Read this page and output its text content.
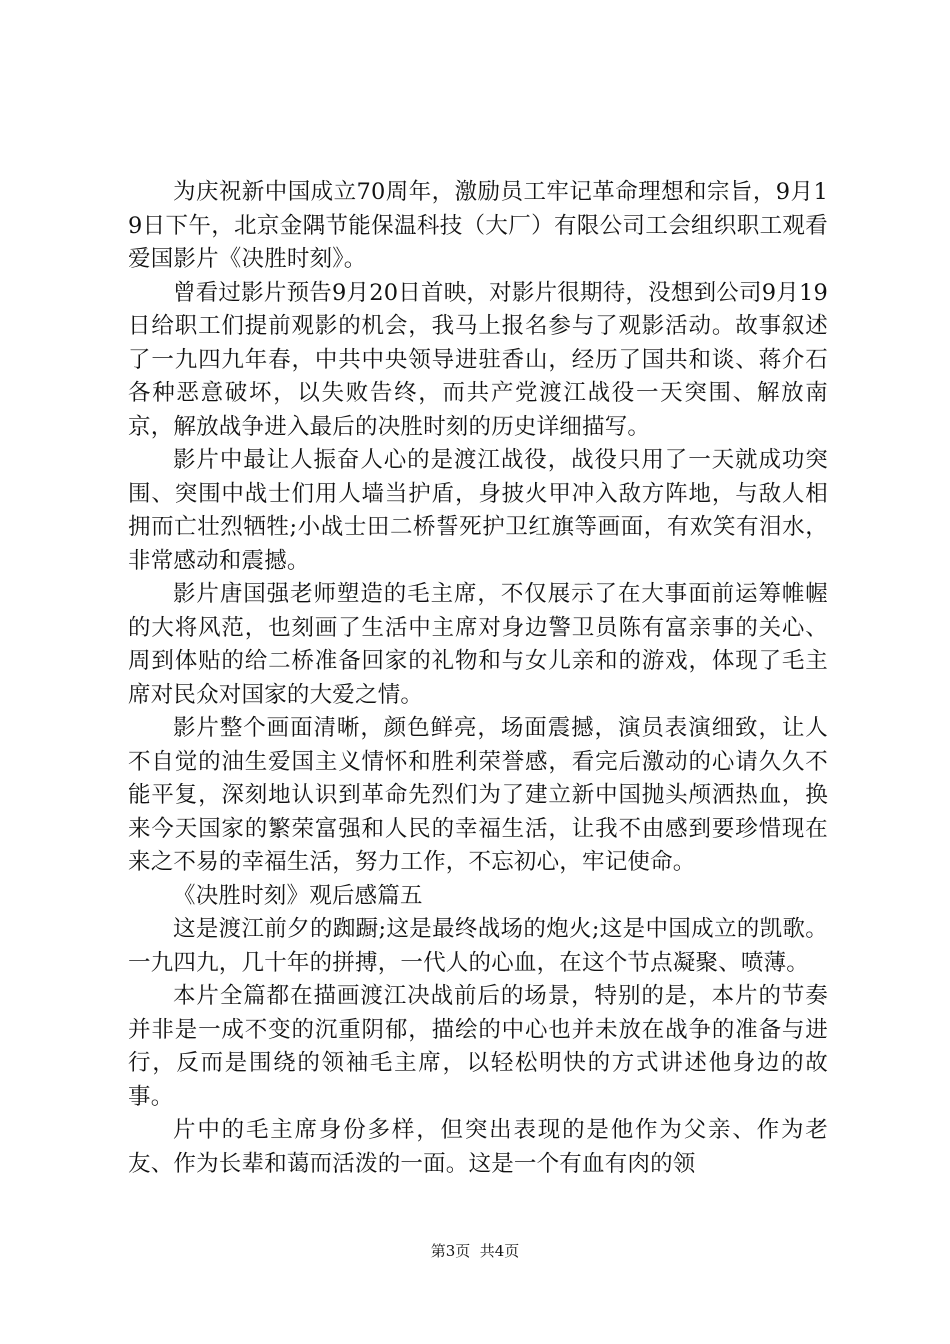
为庆祝新中国成立70周年，激励员工牢记革命理想和宗旨，9月19日下午，北京金隅节能保温科技（大厂）有限公司工会组织职工观看爱国影片《决胜时刻》。

曾看过影片预告9月20日首映，对影片很期待，没想到公司9月19日给职工们提前观影的机会，我马上报名参与了观影活动。故事叙述了一九四九年春，中共中央领导进驻香山，经历了国共和谈、蒋介石各种恶意破坏，以失败告终，而共产党渡江战役一天突围、解放南京，解放战争进入最后的决胜时刻的历史详细描写。

影片中最让人振奋人心的是渡江战役，战役只用了一天就成功突围、突围中战士们用人墙当护盾，身披火甲冲入敌方阵地，与敌人相拥而亡壮烈牺牲;小战士田二桥誓死护卫红旗等画面，有欢笑有泪水，非常感动和震撼。

影片唐国强老师塑造的毛主席，不仅展示了在大事面前运筹帷幄的大将风范，也刻画了生活中主席对身边警卫员陈有富亲事的关心、周到体贴的给二桥准备回家的礼物和与女儿亲和的游戏，体现了毛主席对民众对国家的大爱之情。

影片整个画面清晰，颜色鲜亮，场面震撼，演员表演细致，让人不自觉的油生爱国主义情怀和胜利荣誉感，看完后激动的心请久久不能平复，深刻地认识到革命先烈们为了建立新中国抛头颅洒热血，换来今天国家的繁荣富强和人民的幸福生活，让我不由感到要珍惜现在来之不易的幸福生活，努力工作，不忘初心，牢记使命。

《决胜时刻》观后感篇五

这是渡江前夕的踟蹰;这是最终战场的炮火;这是中国成立的凯歌。一九四九，几十年的拼搏，一代人的心血，在这个节点凝聚、喷薄。

本片全篇都在描画渡江决战前后的场景，特别的是，本片的节奏并非是一成不变的沉重阴郁，描绘的中心也并未放在战争的准备与进行，反而是围绕的领袖毛主席，以轻松明快的方式讲述他身边的故事。

片中的毛主席身份多样，但突出表现的是他作为父亲、作为老友、作为长辈和蔼而活泼的一面。这是一个有血有肉的领

第3页  共4页
